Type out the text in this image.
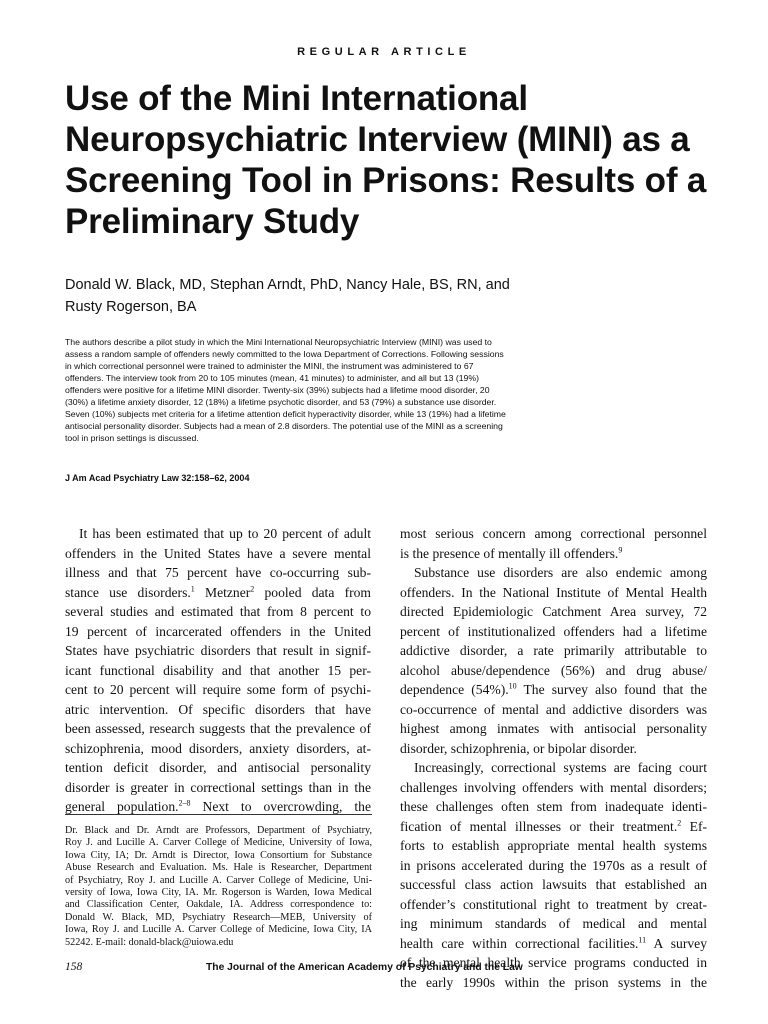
REGULAR ARTICLE
Use of the Mini International
Neuropsychiatric Interview (MINI) as a
Screening Tool in Prisons: Results of a
Preliminary Study
Donald W. Black, MD, Stephan Arndt, PhD, Nancy Hale, BS, RN, and
Rusty Rogerson, BA
The authors describe a pilot study in which the Mini International Neuropsychiatric Interview (MINI) was used to
assess a random sample of offenders newly committed to the Iowa Department of Corrections. Following sessions
in which correctional personnel were trained to administer the MINI, the instrument was administered to 67
offenders. The interview took from 20 to 105 minutes (mean, 41 minutes) to administer, and all but 13 (19%)
offenders were positive for a lifetime MINI disorder. Twenty-six (39%) subjects had a lifetime mood disorder, 20
(30%) a lifetime anxiety disorder, 12 (18%) a lifetime psychotic disorder, and 53 (79%) a substance use disorder.
Seven (10%) subjects met criteria for a lifetime attention deficit hyperactivity disorder, while 13 (19%) had a lifetime
antisocial personality disorder. Subjects had a mean of 2.8 disorders. The potential use of the MINI as a screening
tool in prison settings is discussed.
J Am Acad Psychiatry Law 32:158–62, 2004
It has been estimated that up to 20 percent of adult
offenders in the United States have a severe mental
illness and that 75 percent have co-occurring sub-
stance use disorders.$^1$ Metzner$^2$ pooled data from
several studies and estimated that from 8 percent to
19 percent of incarcerated offenders in the United
States have psychiatric disorders that result in signif-
icant functional disability and that another 15 per-
cent to 20 percent will require some form of psychi-
atric intervention. Of specific disorders that have
been assessed, research suggests that the prevalence of
schizophrenia, mood disorders, anxiety disorders, at-
tention deficit disorder, and antisocial personality
disorder is greater in correctional settings than in the
general population.$^{2-8}$ Next to overcrowding, the
Dr. Black and Dr. Arndt are Professors, Department of Psychiatry,
Roy J. and Lucille A. Carver College of Medicine, University of Iowa,
Iowa City, IA; Dr. Arndt is Director, Iowa Consortium for Substance
Abuse Research and Evaluation. Ms. Hale is Researcher, Department
of Psychiatry, Roy J. and Lucille A. Carver College of Medicine, Uni-
versity of Iowa, Iowa City, IA. Mr. Rogerson is Warden, Iowa Medical
and Classification Center, Oakdale, IA. Address correspondence to:
Donald W. Black, MD, Psychiatry Research—MEB, University of
Iowa, Roy J. and Lucille A. Carver College of Medicine, Iowa City, IA
52242. E-mail: donald-black@uiowa.edu
most serious concern among correctional personnel
is the presence of mentally ill offenders.$^9$
Substance use disorders are also endemic among
offenders. In the National Institute of Mental Health
directed Epidemiologic Catchment Area survey, 72
percent of institutionalized offenders had a lifetime
addictive disorder, a rate primarily attributable to
alcohol abuse/dependence (56%) and drug abuse/
dependence (54%).$^{10}$ The survey also found that the
co-occurrence of mental and addictive disorders was
highest among inmates with antisocial personality
disorder, schizophrenia, or bipolar disorder.
Increasingly, correctional systems are facing court
challenges involving offenders with mental disorders;
these challenges often stem from inadequate identi-
fication of mental illnesses or their treatment.$^2$ Ef-
forts to establish appropriate mental health systems
in prisons accelerated during the 1970s as a result of
successful class action lawsuits that established an
offender’s constitutional right to treatment by creat-
ing minimum standards of medical and mental
health care within correctional facilities.$^{11}$ A survey
of the mental health service programs conducted in
the early 1990s within the prison systems in the
158	The Journal of the American Academy of Psychiatry and the Law
